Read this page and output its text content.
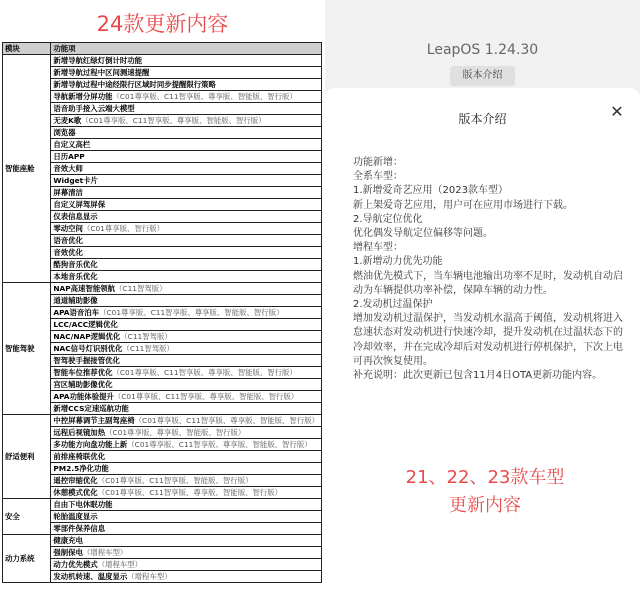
24款更新内容
模块	功能项
智能座舱	新增导航红绿灯倒计时功能
	新增导航过程中区间测速提醒
	新增导航过程中途经限行区域时同步提醒限行策略
	导航新增分屏功能（C01尊享版、C11智享版、尊享版、智能版、智行版）
	语音助手接入云端大模型
	无麦K歌（C01尊享版、C11智享版、尊享版、智能版、智行版）
	浏览器
	自定义高栏
	日历APP
	音效大师
	Widget卡片
	屏幕清洁
	自定义屏驾屏保
	仪表信息显示
	零动空间（C01尊享版、智行版）
	语音优化
	音效优化
	酷狗音乐优化
	本地音乐优化
智能驾驶	NAP高速智能领航（C11智驾版）
	道道辅助影像
	APA语音泊车（C01尊享版、C11智享版、尊享版、智能版、智行版）
	LCC/ACC逻辑优化
	NAC/NAP逻辑优化（C11智驾版）
	NAC信号灯识别优化（C11智驾版）
	智驾驶手握接管优化
	智能车位推荐优化（C01尊享版、C11智享版、尊享版、智能版、智行版）
	宫区辅助影像优化
	APA功能体验提升（C01尊享版、C11智享版、尊享版、智能版、智行版）
	新增CCS定速巡航功能
舒适便利	中控屏幕调节主副驾座椅（C01尊享版、C11智享版、尊享版、智能版、智行版）
	远程后视镜加热（C01尊享版、尊享版、智能版、智行版）
	多功能方向盘功能上新（C01尊享版、C11智享版、尊享版、智能版、智行版）
	前排座椅联优化
	PM2.5净化功能
	遥控帘缩优化（C01尊享版、C11智享版、智能版、智行版）
	休憩模式优化（C01尊享版、C11智享版、尊享版、智能版、智行版）
安全	自由下电休眠功能
	轮胎温度显示
	零部件保养信息
动力系统	健康充电
	强制保电（增程车型）
	动力优先模式（增程车型）
	发动机转速、温度显示（增程车型）
LeapOS 1.24.30
版本介绍
版本介绍	✕
功能新增：
全系车型：
1.新增爱奇艺应用（2023款车型）
新上架爱奇艺应用，用户可在应用市场进行下载。
2.导航定位优化
优化偶发导航定位偏移等问题。
增程车型：
1.新增动力优先功能
燃油优先模式下，当车辆电池输出功率不足时，发动机自动启动为车辆提供功率补偿，保障车辆的动力性。
2.发动机过温保护
增加发动机过温保护，当发动机水温高于阈值，发动机将进入怠速状态对发动机进行快速冷却，提升发动机在过温状态下的冷却效率，并在完成冷却后对发动机进行停机保护，下次上电可再次恢复使用。
补充说明：此次更新已包含11月4日OTA更新功能内容。
21、22、23款车型
更新内容
